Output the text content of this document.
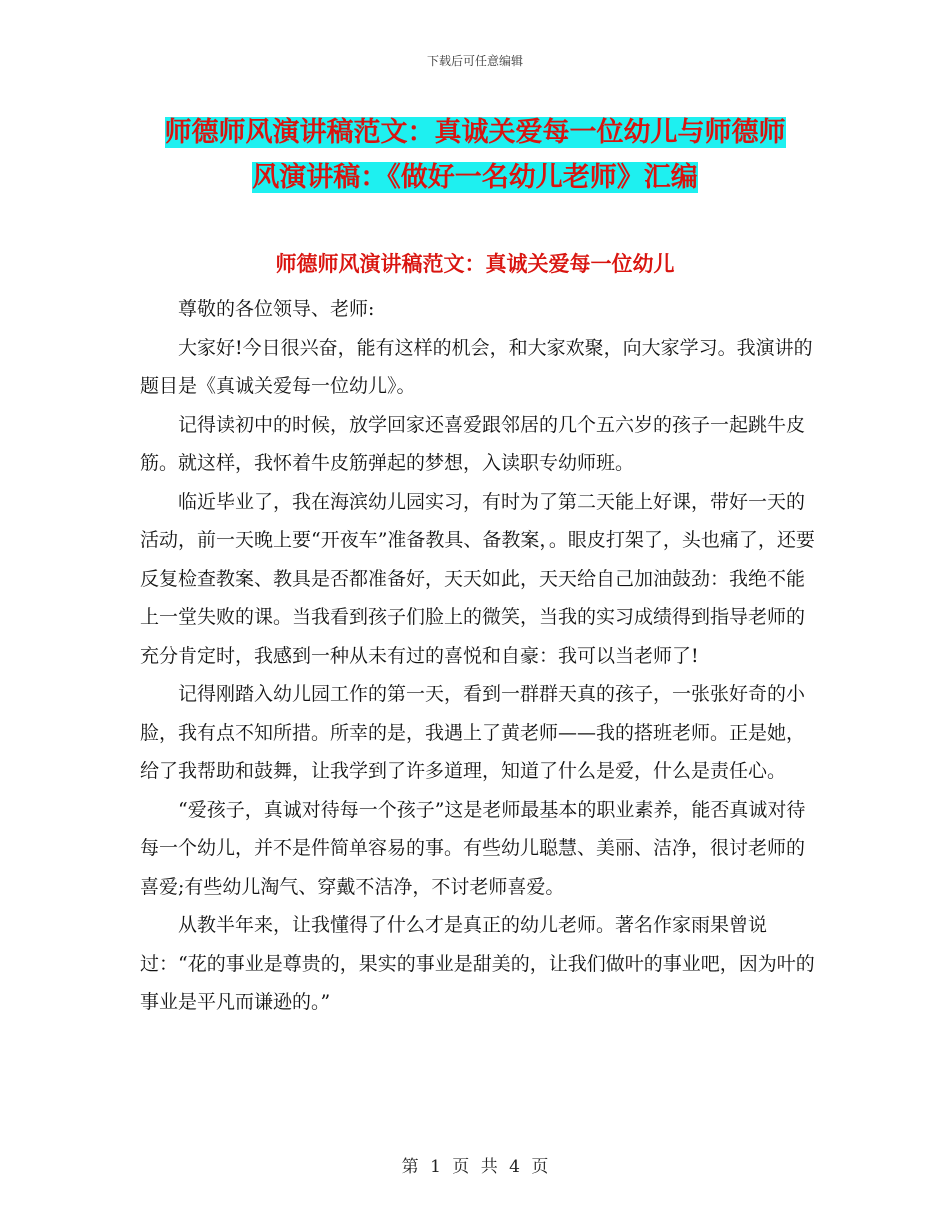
下载后可任意编辑
师德师风演讲稿范文：真诚关爱每一位幼儿与师德师
风演讲稿：《做好一名幼儿老师》汇编
师德师风演讲稿范文：真诚关爱每一位幼儿

尊敬的各位领导、老师:

大家好!今日很兴奋，能有这样的机会，和大家欢聚，向大家学习。我演讲的题目是《真诚关爱每一位幼儿》。

记得读初中的时候，放学回家还喜爱跟邻居的几个五六岁的孩子一起跳牛皮筋。就这样，我怀着牛皮筋弹起的梦想，入读职专幼师班。

临近毕业了，我在海滨幼儿园实习，有时为了第二天能上好课，带好一天的活动，前一天晚上要“开夜车”准备教具、备教案，。眼皮打架了，头也痛了，还要反复检查教案、教具是否都准备好，天天如此，天天给自己加油鼓劲：我绝不能上一堂失败的课。当我看到孩子们脸上的微笑，当我的实习成绩得到指导老师的充分肯定时，我感到一种从未有过的喜悦和自豪：我可以当老师了!

记得刚踏入幼儿园工作的第一天，看到一群群天真的孩子，一张张好奇的小脸，我有点不知所措。所幸的是，我遇上了黄老师——我的搭班老师。正是她，给了我帮助和鼓舞，让我学到了许多道理，知道了什么是爱，什么是责任心。

“爱孩子，真诚对待每一个孩子”这是老师最基本的职业素养，能否真诚对待每一个幼儿，并不是件简单容易的事。有些幼儿聪慧、美丽、洁净，很讨老师的喜爱;有些幼儿淘气、穿戴不洁净，不讨老师喜爱。

从教半年来，让我懂得了什么才是真正的幼儿老师。著名作家雨果曾说过：“花的事业是尊贵的，果实的事业是甜美的，让我们做叶的事业吧，因为叶的事业是平凡而谦逊的。”

第 1 页 共 4 页
